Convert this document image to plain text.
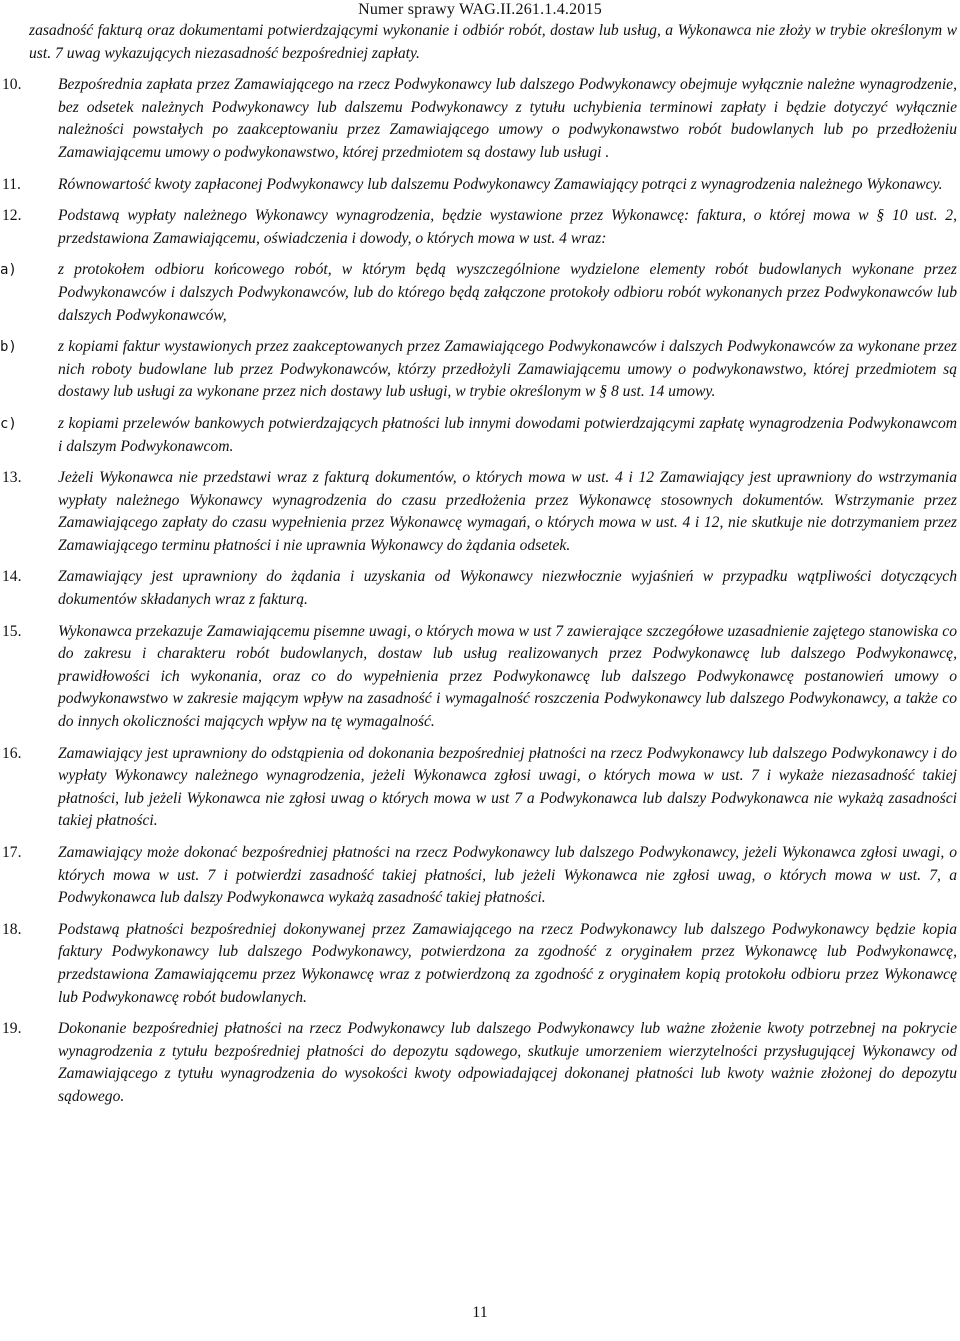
Numer sprawy WAG.II.261.1.4.2015

zasadność fakturą oraz dokumentami potwierdzającymi wykonanie i odbiór robót, dostaw lub usług, a Wykonawca nie złoży w trybie określonym w ust. 7 uwag wykazujących niezasadność bezpośredniej zapłaty.

10.	Bezpośrednia zapłata przez Zamawiającego na rzecz Podwykonawcy lub dalszego Podwykonawcy obejmuje wyłącznie należne wynagrodzenie, bez odsetek należnych Podwykonawcy lub dalszemu Podwykonawcy z tytułu uchybienia terminowi zapłaty i będzie dotyczyć wyłącznie należności powstałych po zaakceptowaniu przez Zamawiającego umowy o podwykonawstwo robót budowlanych lub po przedłożeniu Zamawiającemu umowy o podwykonawstwo, której przedmiotem są dostawy lub usługi .

11.	Równowartość kwoty zapłaconej Podwykonawcy lub dalszemu Podwykonawcy Zamawiający potrąci z wynagrodzenia należnego Wykonawcy.

12.	Podstawą wypłaty należnego Wykonawcy wynagrodzenia, będzie wystawione przez Wykonawcę: faktura, o której mowa w § 10 ust. 2, przedstawiona Zamawiającemu, oświadczenia i dowody, o których mowa w ust. 4 wraz:

a)	z protokołem odbioru końcowego robót, w którym będą wyszczególnione wydzielone elementy robót budowlanych wykonane przez Podwykonawców i dalszych Podwykonawców, lub do którego będą załączone protokoły odbioru robót wykonanych przez Podwykonawców lub dalszych Podwykonawców,

b)	z kopiami faktur wystawionych przez zaakceptowanych przez Zamawiającego Podwykonawców i dalszych Podwykonawców za wykonane przez nich roboty budowlane lub przez Podwykonawców, którzy przedłożyli Zamawiającemu umowy o podwykonawstwo, której przedmiotem są dostawy lub usługi za wykonane przez nich dostawy lub usługi, w trybie określonym w § 8 ust. 14 umowy.

c)	z kopiami przelewów bankowych potwierdzających płatności lub innymi dowodami potwierdzającymi zapłatę wynagrodzenia Podwykonawcom i dalszym Podwykonawcom.

13.	Jeżeli Wykonawca nie przedstawi wraz z fakturą dokumentów, o których mowa w ust. 4 i 12 Zamawiający jest uprawniony do wstrzymania wypłaty należnego Wykonawcy wynagrodzenia do czasu przedłożenia przez Wykonawcę stosownych dokumentów. Wstrzymanie przez Zamawiającego zapłaty do czasu wypełnienia przez Wykonawcę wymagań, o których mowa w ust. 4 i 12, nie skutkuje nie dotrzymaniem przez Zamawiającego terminu płatności i nie uprawnia Wykonawcy do żądania odsetek.

14.	Zamawiający jest uprawniony do żądania i uzyskania od Wykonawcy niezwłocznie wyjaśnień w przypadku wątpliwości dotyczących dokumentów składanych wraz z fakturą.

15.	Wykonawca przekazuje Zamawiającemu pisemne uwagi, o których mowa w ust 7 zawierające szczegółowe uzasadnienie zajętego stanowiska co do zakresu i charakteru robót budowlanych, dostaw lub usług realizowanych przez Podwykonawcę lub dalszego Podwykonawcę, prawidłowości ich wykonania, oraz co do wypełnienia przez Podwykonawcę lub dalszego Podwykonawcę postanowień umowy o podwykonawstwo w zakresie mającym wpływ na zasadność i wymagalność roszczenia Podwykonawcy lub dalszego Podwykonawcy, a także co do innych okoliczności mających wpływ na tę wymagalność.

16.	Zamawiający jest uprawniony do odstąpienia od dokonania bezpośredniej płatności na rzecz Podwykonawcy lub dalszego Podwykonawcy i do wypłaty Wykonawcy należnego wynagrodzenia, jeżeli Wykonawca zgłosi uwagi, o których mowa w ust. 7 i wykaże niezasadność takiej płatności, lub jeżeli Wykonawca nie zgłosi uwag o których mowa w ust 7 a Podwykonawca lub dalszy Podwykonawca nie wykażą zasadności takiej płatności.

17.	Zamawiający może dokonać bezpośredniej płatności na rzecz Podwykonawcy lub dalszego Podwykonawcy, jeżeli Wykonawca zgłosi uwagi, o których mowa w ust. 7 i potwierdzi zasadność takiej płatności, lub jeżeli Wykonawca nie zgłosi uwag, o których mowa w ust. 7, a Podwykonawca lub dalszy Podwykonawca wykażą zasadność takiej płatności.

18.	Podstawą płatności bezpośredniej dokonywanej przez Zamawiającego na rzecz Podwykonawcy lub dalszego Podwykonawcy będzie kopia faktury Podwykonawcy lub dalszego Podwykonawcy, potwierdzona za zgodność z oryginałem przez Wykonawcę lub Podwykonawcę, przedstawiona Zamawiającemu przez Wykonawcę wraz z potwierdzoną za zgodność z oryginałem kopią protokołu odbioru przez Wykonawcę lub Podwykonawcę robót budowlanych.

19.	Dokonanie bezpośredniej płatności na rzecz Podwykonawcy lub dalszego Podwykonawcy lub ważne złożenie kwoty potrzebnej na pokrycie wynagrodzenia z tytułu bezpośredniej płatności do depozytu sądowego, skutkuje umorzeniem wierzytelności przysługującej Wykonawcy od Zamawiającego z tytułu wynagrodzenia do wysokości kwoty odpowiadającej dokonanej płatności lub kwoty ważnie złożonej do depozytu sądowego.

11
